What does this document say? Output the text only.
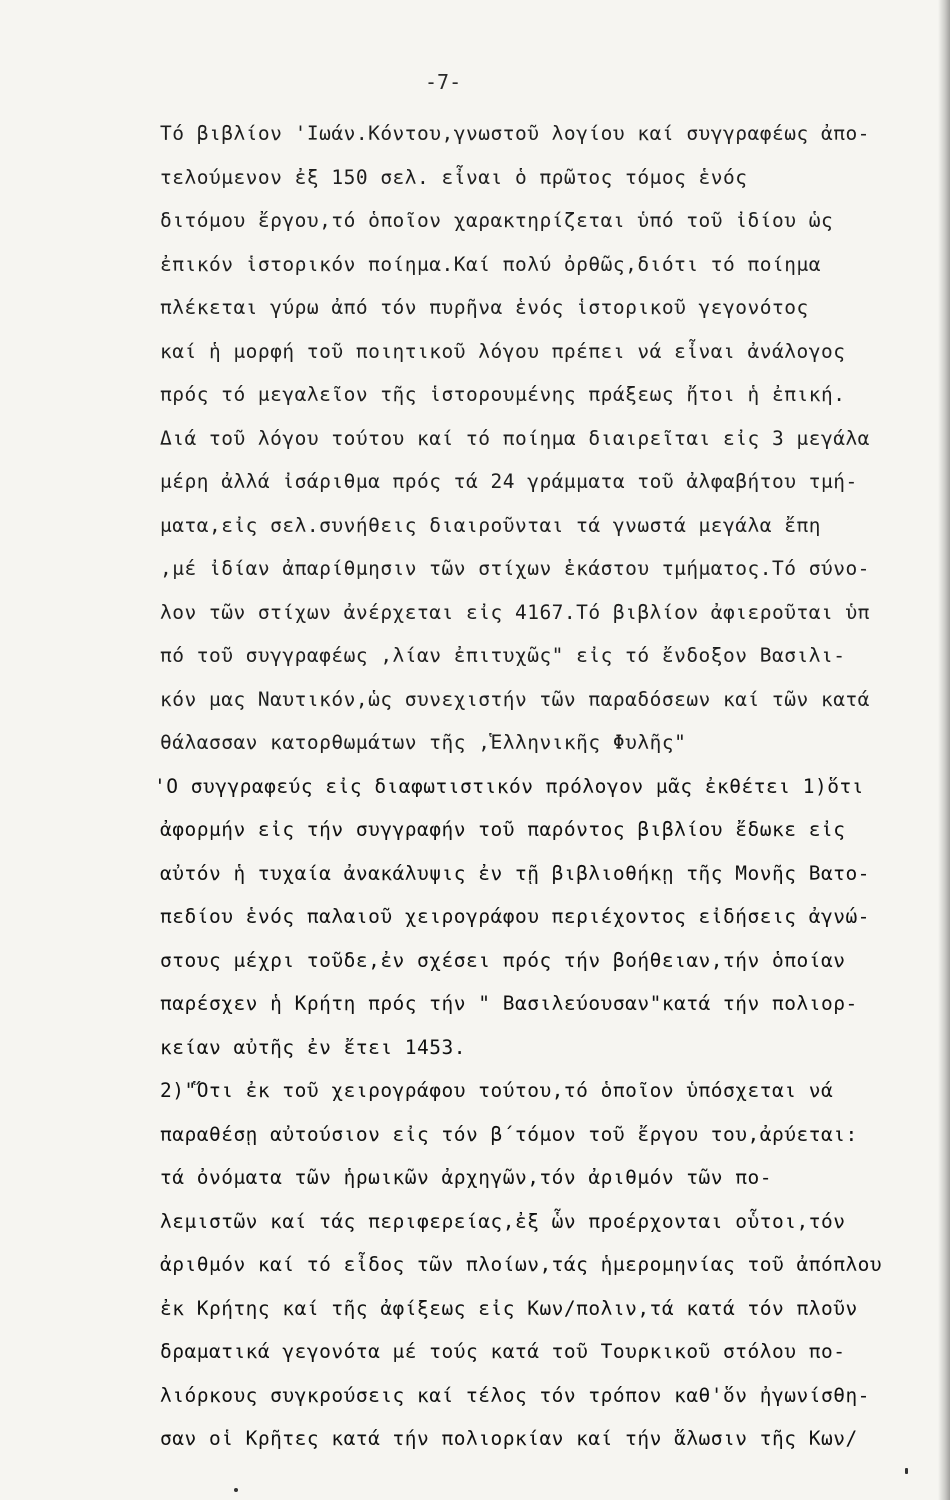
-7-
Τό βιβλίον 'Ιωάν.Κόντου,γνωστοῦ λογίου καί συγγραφέως ἀπο-
τελούμενον ἐξ 150 σελ. εἶναι ὁ πρῶτος τόμος ἑνός
διτόμου ἔργου,τό ὁποῖον χαρακτηρίζεται ὑπό τοῦ ἰδίου ὡς
ἐπικόν ἱστορικόν ποίημα.Καί πολύ ὀρθῶς,διότι τό ποίημα
πλέκεται γύρω ἀπό τόν πυρῆνα ἑνός ἱστορικοῦ γεγονότος
καί ἡ μορφή τοῦ ποιητικοῦ λόγου πρέπει νά εἶναι ἀνάλογος
πρός τό μεγαλεῖον τῆς ἱστορουμένης πράξεως ἤτοι ἡ ἐπική.
Διά τοῦ λόγου τούτου καί τό ποίημα διαιρεῖται εἰς 3 μεγάλα
μέρη ἀλλά ἰσάριθμα πρός τά 24 γράμματα τοῦ ἀλφαβήτου τμή-
ματα,εἰς σελ.συνήθεις διαιροῦνται τά γνωστά μεγάλα ἔπη
,μέ ἰδίαν ἀπαρίθμησιν τῶν στίχων ἑκάστου τμήματος.Τό σύνο-
λον τῶν στίχων ἀνέρχεται εἰς 4167.Τό βιβλίον ἀφιεροῦται ὑπ
πό τοῦ συγγραφέως ,λίαν ἐπιτυχῶς" εἰς τό ἔνδοξον Βασιλι-
κόν μας Ναυτικόν,ὡς συνεχιστήν τῶν παραδόσεων καί τῶν κατά
θάλασσαν κατορθωμάτων τῆς ,Ἑλληνικῆς Φυλῆς"
'Ο συγγραφεύς εἰς διαφωτιστικόν πρόλογον μᾶς ἐκθέτει 1)ὅτι
ἀφορμήν εἰς τήν συγγραφήν τοῦ παρόντος βιβλίου ἔδωκε εἰς
αὐτόν ἡ τυχαία ἀνακάλυψις ἐν τῇ βιβλιοθήκῃ τῆς Μονῆς Βατο-
πεδίου ἑνός παλαιοῦ χειρογράφου περιέχοντος εἰδήσεις ἀγνώ-
στους μέχρι τοῦδε,ἐν σχέσει πρός τήν βοήθειαν,τήν ὁποίαν
παρέσχεν ἡ Κρήτη πρός τήν " Βασιλεύουσαν"κατά τήν πολιορ-
κείαν αὐτῆς ἐν ἔτει 1453.
2)"Ὅτι ἐκ τοῦ χειρογράφου τούτου,τό ὁποῖον ὑπόσχεται νά
παραθέσῃ αὐτούσιον εἰς τόν β΄τόμον τοῦ ἔργου του,ἀρύεται:
τά ὀνόματα τῶν ἡρωικῶν ἀρχηγῶν,τόν ἀριθμόν τῶν πο-
λεμιστῶν καί τάς περιφερείας,ἐξ ὧν προέρχονται οὗτοι,τόν
ἀριθμόν καί τό εἶδος τῶν πλοίων,τάς ἡμερομηνίας τοῦ ἀπόπλου
ἐκ Κρήτης καί τῆς ἀφίξεως εἰς Κων/πολιν,τά κατά τόν πλοῦν
δραματικά γεγονότα μέ τούς κατά τοῦ Τουρκικοῦ στόλου πο-
λιόρκους συγκρούσεις καί τέλος τόν τρόπον καθ'ὅν ἠγωνίσθη-
σαν οἱ Κρῆτες κατά τήν πολιορκίαν καί τήν ἅλωσιν τῆς Κων/
